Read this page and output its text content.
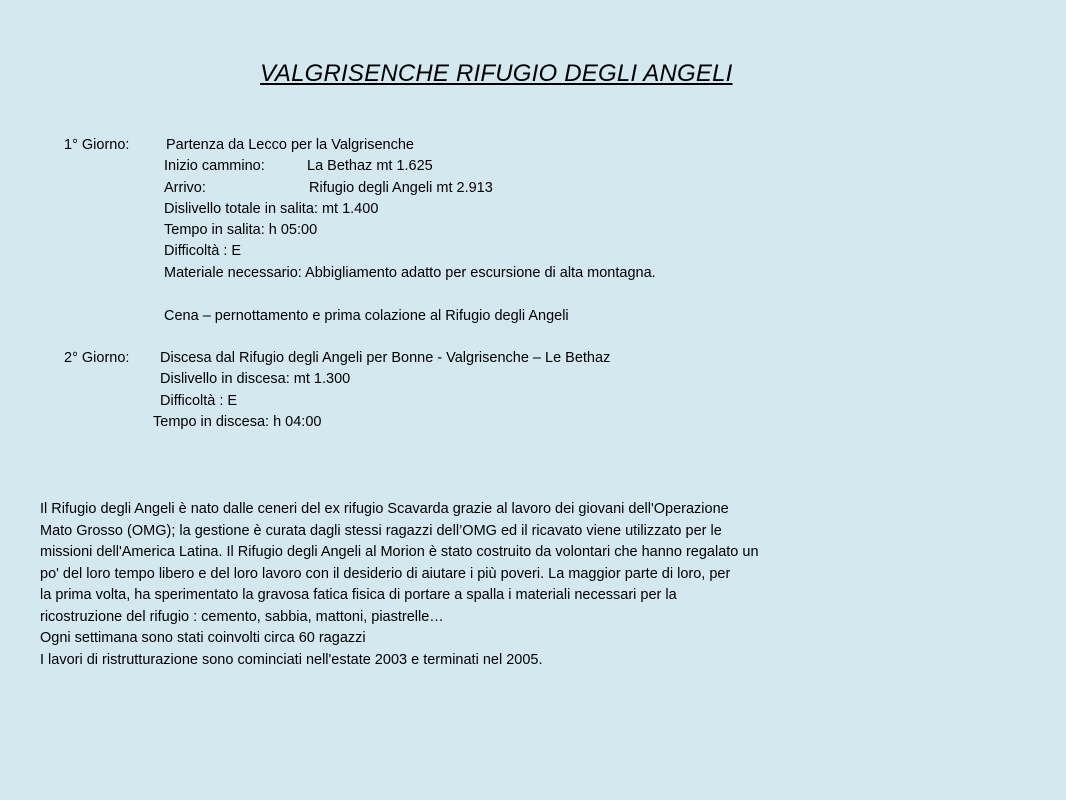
VALGRISENCHE RIFUGIO DEGLI ANGELI
1° Giorno:	Partenza da Lecco per la Valgrisenche
Inizio cammino:	La Bethaz mt 1.625
Arrivo:	Rifugio degli Angeli mt 2.913
Dislivello totale in salita: mt 1.400
Tempo in salita: h 05:00
Difficoltà : E
Materiale necessario: Abbigliamento adatto per escursione di alta montagna.
Cena – pernottamento e prima colazione al Rifugio degli Angeli
2° Giorno: Discesa dal Rifugio degli Angeli per Bonne - Valgrisenche – Le Bethaz
Dislivello in discesa: mt 1.300
Difficoltà : E
Tempo in discesa: h 04:00
Il Rifugio degli Angeli è nato dalle ceneri del ex rifugio Scavarda grazie al lavoro dei giovani dell'Operazione
Mato Grosso (OMG); la gestione è curata dagli stessi ragazzi dell’OMG ed il ricavato viene utilizzato per le
missioni dell'America Latina. Il Rifugio degli Angeli al Morion è stato costruito da volontari che hanno regalato un
po' del loro tempo libero e del loro lavoro con il desiderio di aiutare i più poveri. La maggior parte di loro, per
la prima volta, ha sperimentato la gravosa fatica fisica di portare a spalla i materiali necessari per la
ricostruzione del rifugio : cemento, sabbia, mattoni, piastrelle…
Ogni settimana sono stati coinvolti circa 60 ragazzi
I lavori di ristrutturazione sono cominciati nell'estate 2003 e terminati nel 2005.
